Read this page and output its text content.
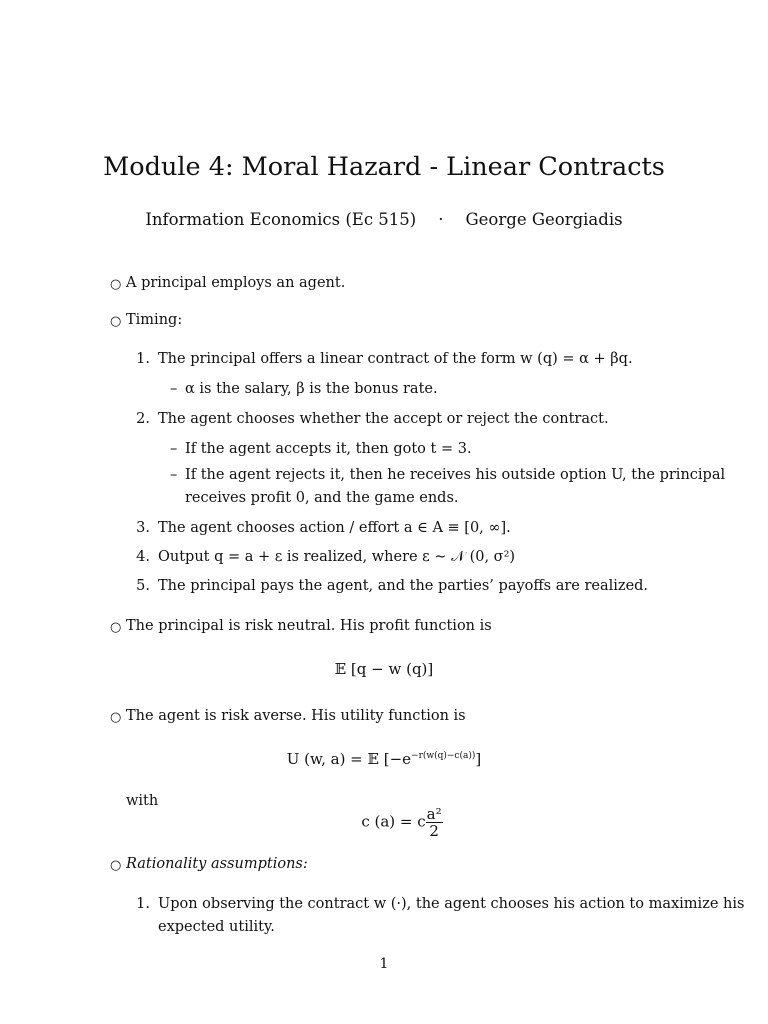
Module 4: Moral Hazard - Linear Contracts
Information Economics (Ec 515) · George Georgiadis
○ A principal employs an agent.
○ Timing:
1. The principal offers a linear contract of the form w (q) = α + βq.
– α is the salary, β is the bonus rate.
2. The agent chooses whether the accept or reject the contract.
– If the agent accepts it, then goto t = 3.
– If the agent rejects it, then he receives his outside option U, the principal
receives profit 0, and the game ends.
3. The agent chooses action / effort a ∈ A ≡ [0, ∞].
4. Output q = a + ε is realized, where ε ∼ 𝒩 (0, σ²)
5. The principal pays the agent, and the parties’ payoffs are realized.
○ The principal is risk neutral. His profit function is
𝔼 [q − w (q)]
○ The agent is risk averse. His utility function is
U (w, a) = 𝔼 $[-e^{-r(w(q)-c(a))}]$
with
c (a) = c $\frac{\text{a²}}{2}$
○ Rationality assumptions:
1. Upon observing the contract w (·), the agent chooses his action to maximize his
expected utility.
1
